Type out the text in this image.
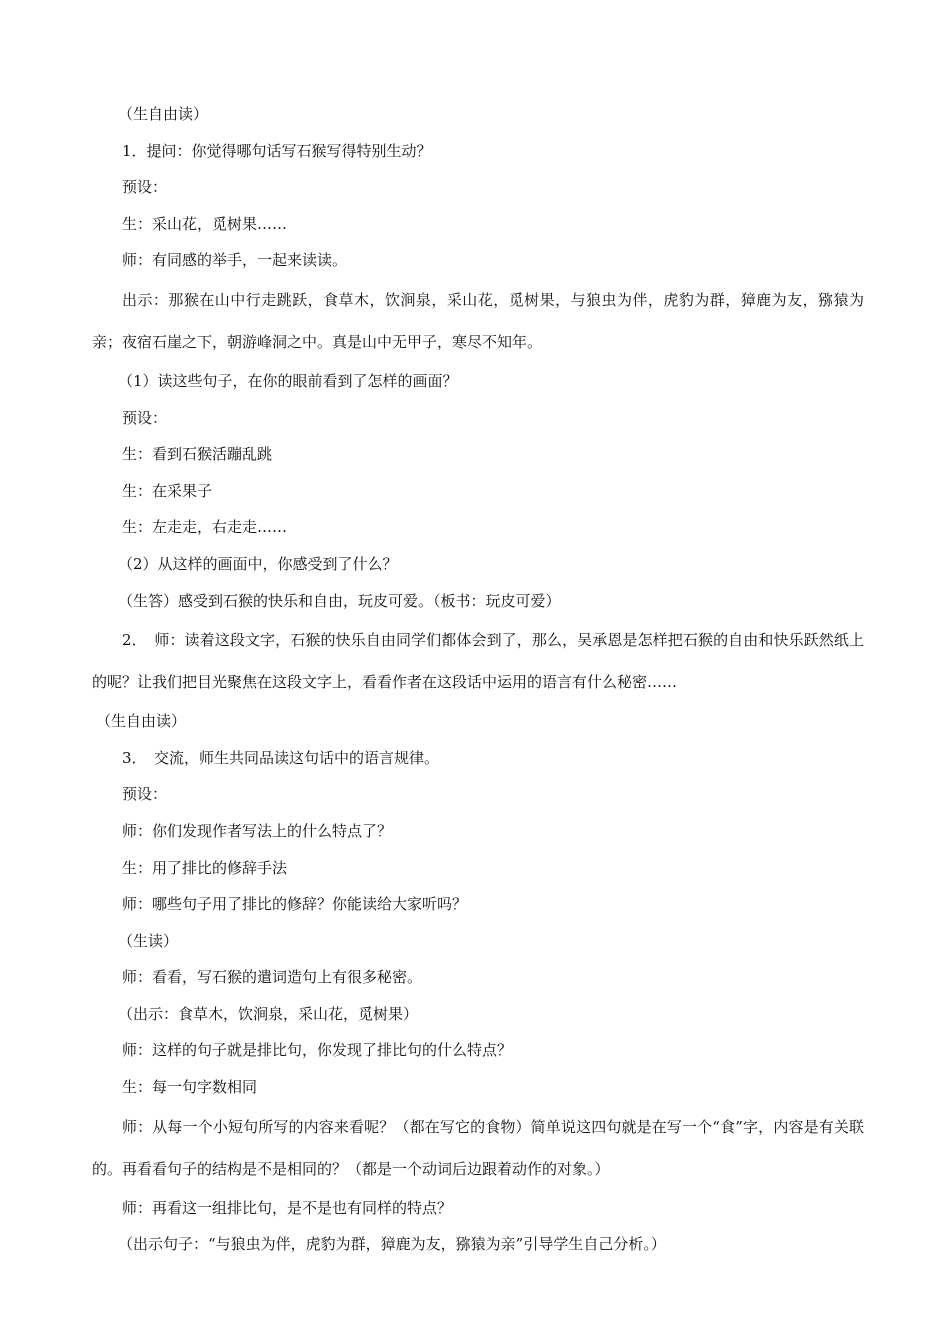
（生自由读）

1．提问：你觉得哪句话写石猴写得特别生动？

预设：

生：采山花，觅树果……

师：有同感的举手，一起来读读。

出示：那猴在山中行走跳跃，食草木，饮涧泉，采山花，觅树果，与狼虫为伴，虎豹为群，獐鹿为友，猕猿为亲；夜宿石崖之下，朝游峰洞之中。真是山中无甲子，寒尽不知年。

（1）读这些句子，在你的眼前看到了怎样的画面？

预设：

生：看到石猴活蹦乱跳

生：在采果子

生：左走走，右走走……

（2）从这样的画面中，你感受到了什么？

（生答）感受到石猴的快乐和自由，玩皮可爱。（板书：玩皮可爱）

2．　师：读着这段文字，石猴的快乐自由同学们都体会到了，那么，吴承恩是怎样把石猴的自由和快乐跃然纸上的呢？让我们把目光聚焦在这段文字上，看看作者在这段话中运用的语言有什么秘密……

（生自由读）

3．　交流，师生共同品读这句话中的语言规律。

预设：

师：你们发现作者写法上的什么特点了？

生：用了排比的修辞手法

师：哪些句子用了排比的修辞？你能读给大家听吗？

（生读）

师：看看，写石猴的遣词造句上有很多秘密。

（出示：食草木，饮涧泉，采山花，觅树果）

师：这样的句子就是排比句，你发现了排比句的什么特点？

生：每一句字数相同

师：从每一个小短句所写的内容来看呢？（都在写它的食物）简单说这四句就是在写一个“食”字，内容是有关联的。再看看句子的结构是不是相同的？（都是一个动词后边跟着动作的对象。）

师：再看这一组排比句，是不是也有同样的特点？

（出示句子：“与狼虫为伴，虎豹为群，獐鹿为友，猕猿为亲”引导学生自己分析。）
